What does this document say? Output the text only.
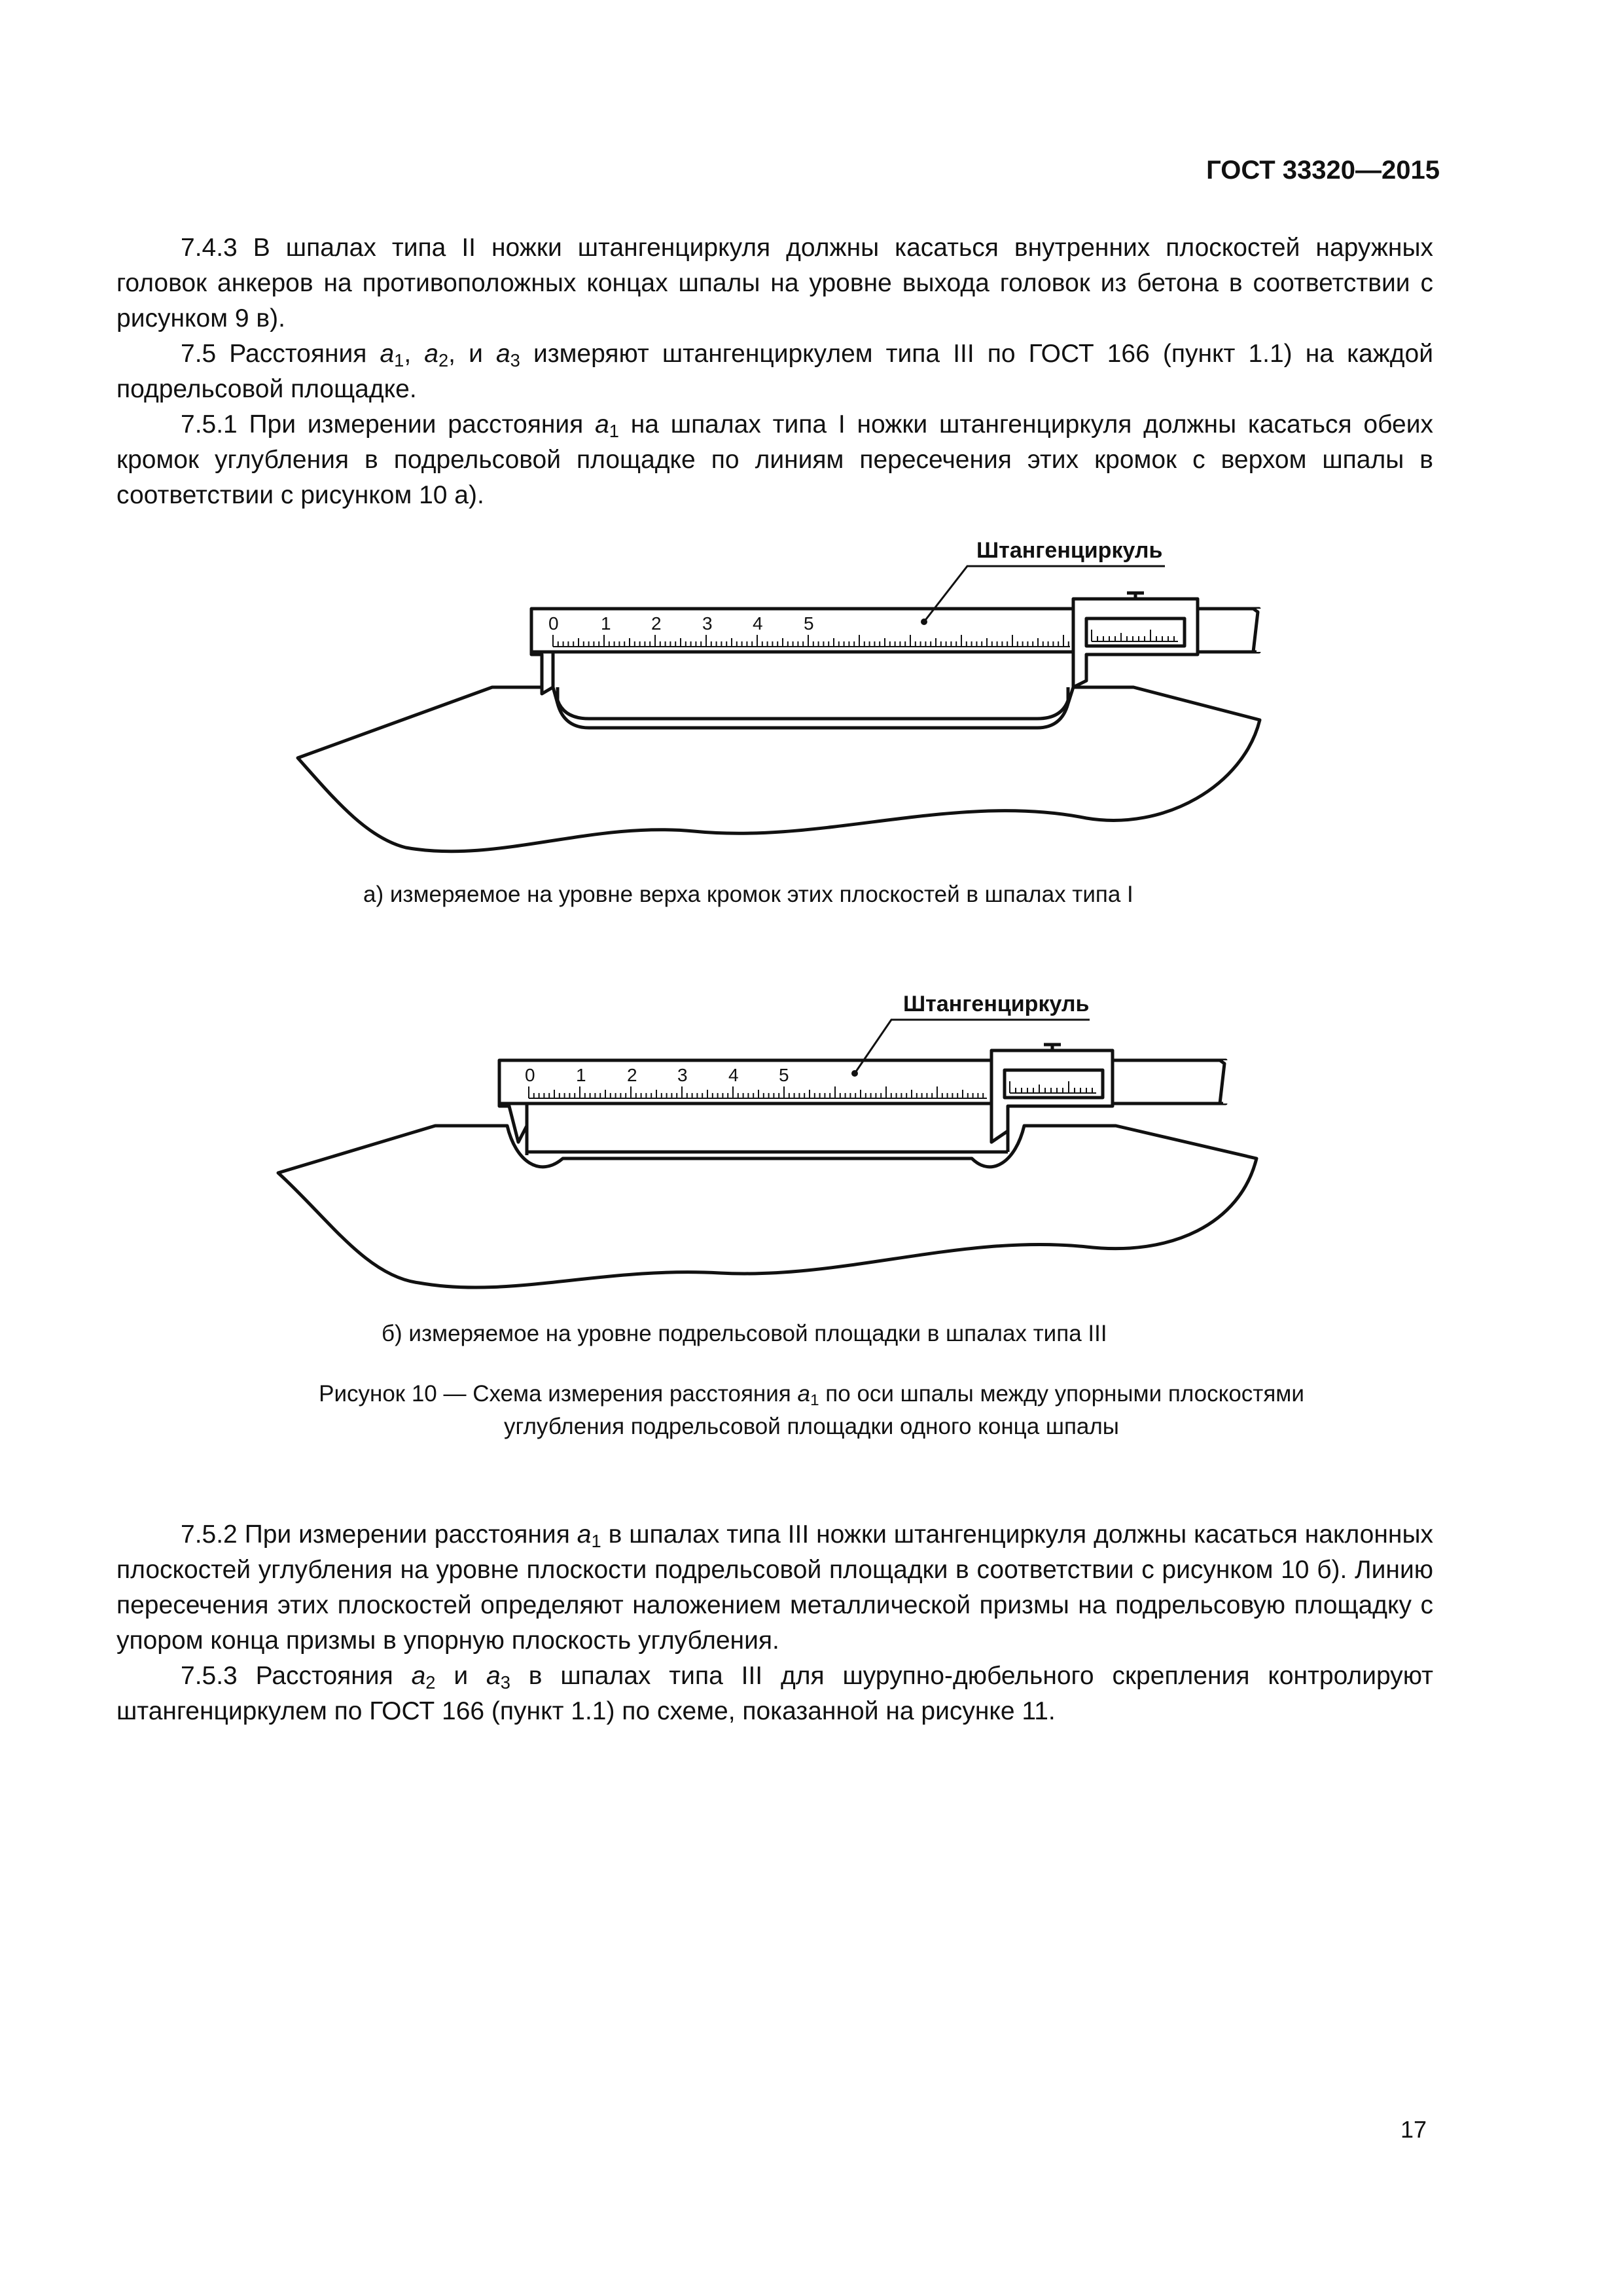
ГОСТ 33320—2015

7.4.3 В шпалах типа II ножки штангенциркуля должны касаться внутренних плоскостей наружных головок анкеров на противоположных концах шпалы на уровне выхода головок из бетона в соответствии с рисунком 9 в).

7.5 Расстояния $a_1$, $a_2$, и $a_3$ измеряют штангенциркулем типа III по ГОСТ 166 (пункт 1.1) на каждой подрельсовой площадке.

7.5.1 При измерении расстояния $a_1$ на шпалах типа I ножки штангенциркуля должны касаться обеих кромок углубления в подрельсовой площадке по линиям пересечения этих кромок с верхом шпалы в соответствии с рисунком 10 а).

0 1 2 3 4 5
Штангенциркуль
а) измеряемое на уровне верха кромок этих плоскостей в шпалах типа I
0 1 2 3 4 5
Штангенциркуль
б) измеряемое на уровне подрельсовой площадки в шпалах типа III
Рисунок 10 — Схема измерения расстояния $a_1$ по оси шпалы между упорными плоскостями
углубления подрельсовой площадки одного конца шпалы

7.5.2 При измерении расстояния $a_1$ в шпалах типа III ножки штангенциркуля должны касаться наклонных плоскостей углубления на уровне плоскости подрельсовой площадки в соответствии с рисунком 10 б). Линию пересечения этих плоскостей определяют наложением металлической призмы на подрельсовую площадку с упором конца призмы в упорную плоскость углубления.

7.5.3 Расстояния $a_2$ и $a_3$ в шпалах типа III для шурупно-дюбельного скрепления контролируют штангенциркулем по ГОСТ 166 (пункт 1.1) по схеме, показанной на рисунке 11.

17
